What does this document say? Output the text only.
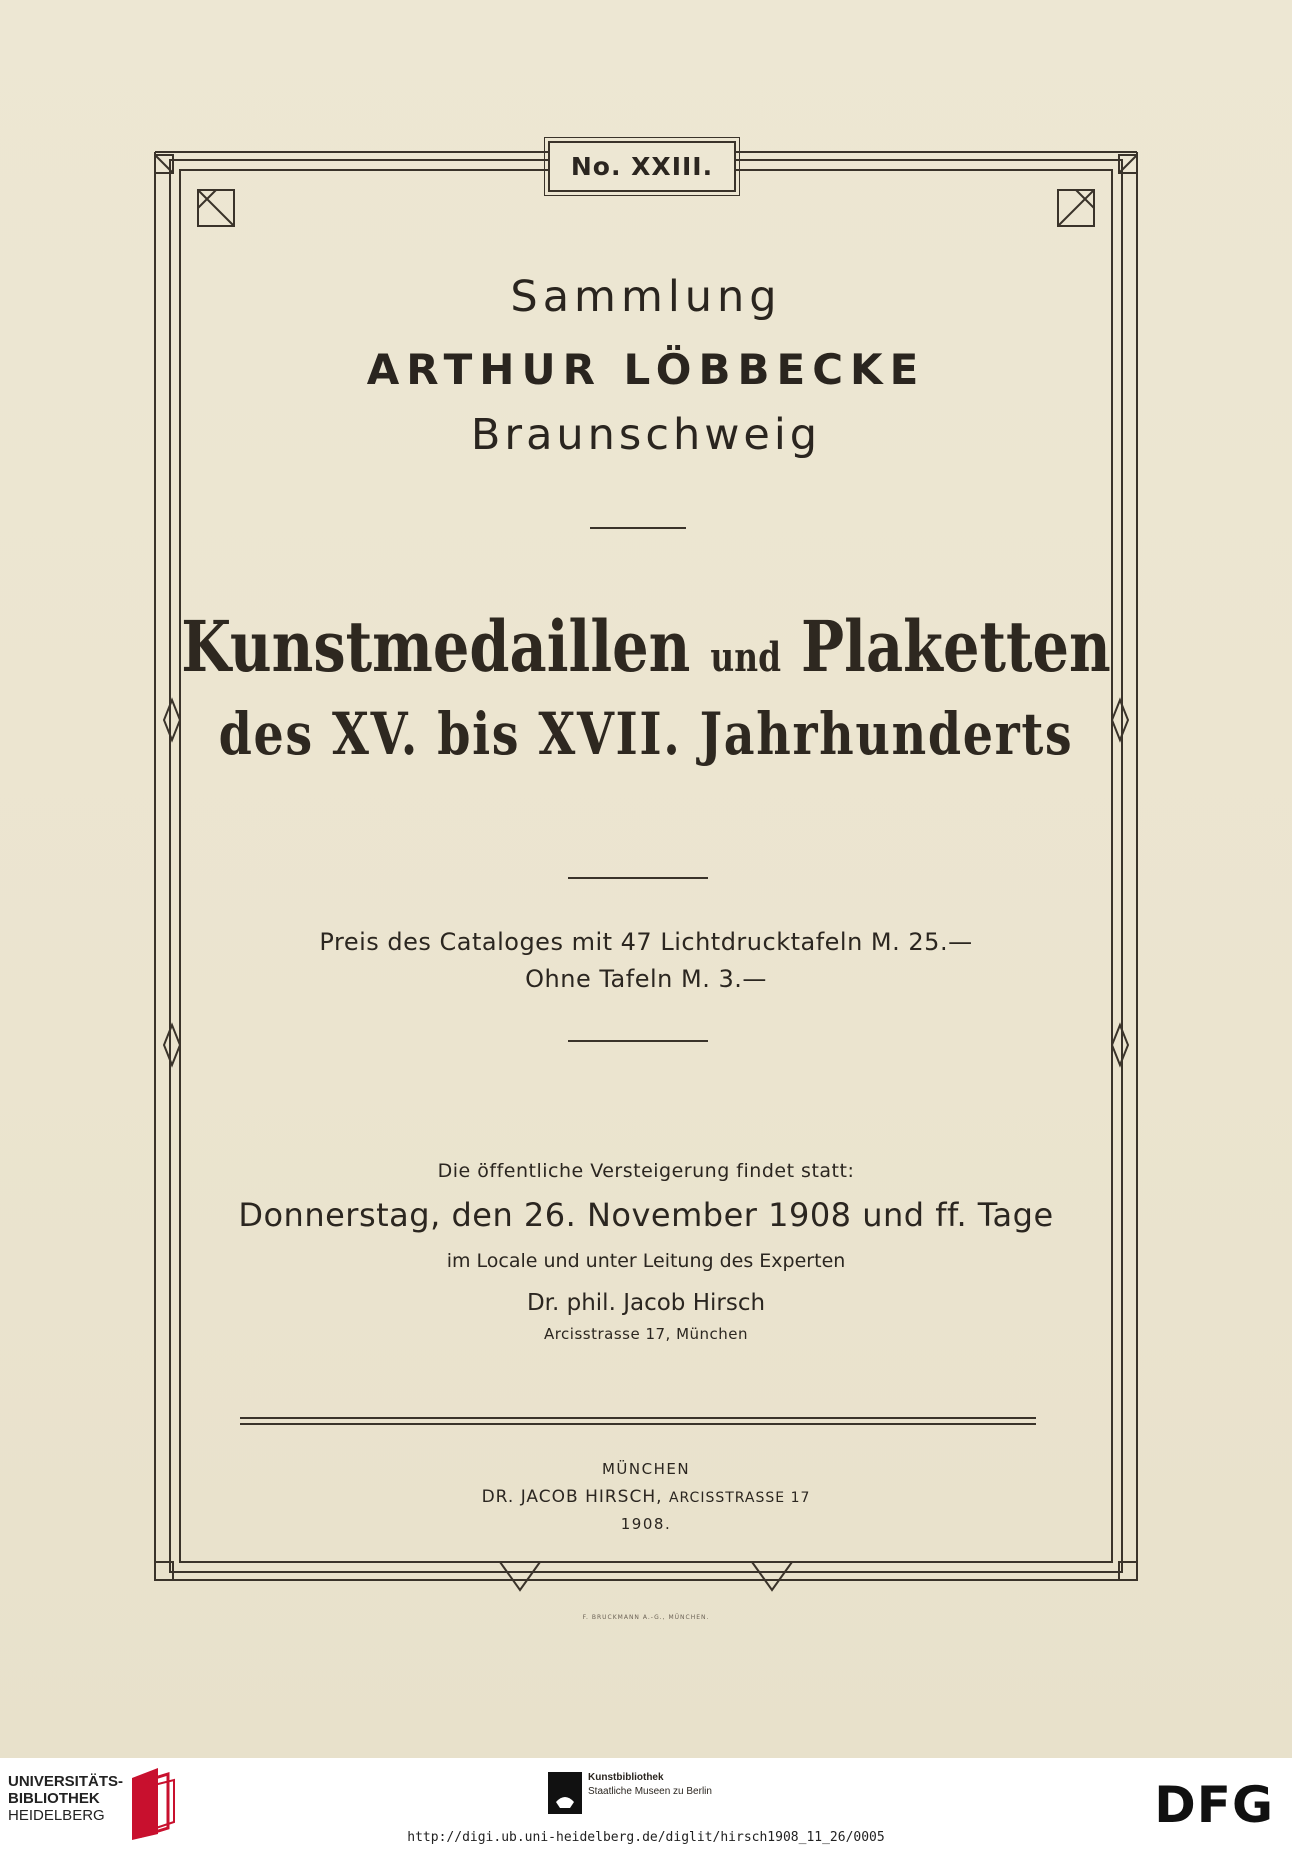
No. XXIII.
Sammlung
ARTHUR LÖBBECKE
Braunschweig
Kunstmedaillen und Plaketten
des XV. bis XVII. Jahrhunderts
Preis des Cataloges mit 47 Lichtdrucktafeln M. 25.—
Ohne Tafeln M. 3.—
Die öffentliche Versteigerung findet statt:
Donnerstag, den 26. November 1908 und ff. Tage
im Locale und unter Leitung des Experten
Dr. phil. Jacob Hirsch
Arcisstrasse 17, München
MÜNCHEN
DR. JACOB HIRSCH, ARCISSTRASSE 17
1908.
F. BRUCKMANN A.-G., MÜNCHEN.
UNIVERSITÄTS-
BIBLIOTHEK
HEIDELBERG
Kunstbibliothek
Staatliche Museen zu Berlin	DFG
http://digi.ub.uni-heidelberg.de/diglit/hirsch1908_11_26/0005
